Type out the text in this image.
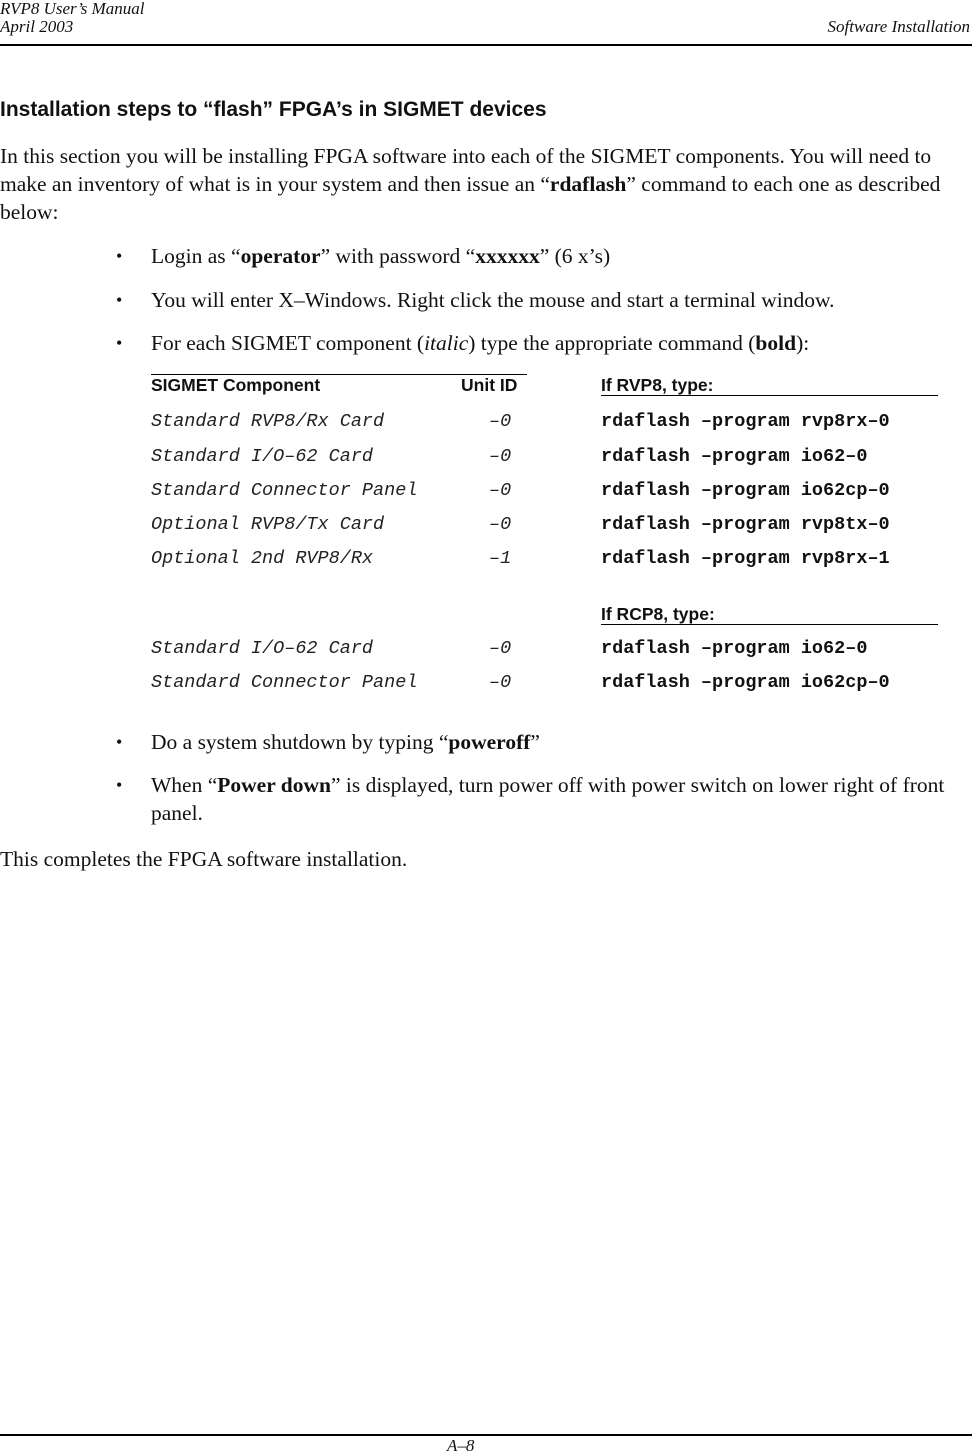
RVP8 User’s Manual
April 2003	Software Installation
Installation steps to “flash” FPGA’s in SIGMET devices
In this section you will be installing FPGA software into each of the SIGMET components. You will need to make an inventory of what is in your system and then issue an “rdaflash” command to each one as described below:
• Login as “operator” with password “xxxxxx” (6 x’s)
• You will enter X–Windows. Right click the mouse and start a terminal window.
• For each SIGMET component (italic) type the appropriate command (bold):
SIGMET Component	Unit ID	If RVP8, type:
Standard RVP8/Rx Card	–0	rdaflash –program rvp8rx–0
Standard I/O–62 Card	–0	rdaflash –program io62–0
Standard Connector Panel	–0	rdaflash –program io62cp–0
Optional RVP8/Tx Card	–0	rdaflash –program rvp8tx–0
Optional 2nd RVP8/Rx	–1	rdaflash –program rvp8rx–1
If RCP8, type:
Standard I/O–62 Card	–0	rdaflash –program io62–0
Standard Connector Panel	–0	rdaflash –program io62cp–0
• Do a system shutdown by typing “poweroff”
• When “Power down” is displayed, turn power off with power switch on lower right of front panel.
This completes the FPGA software installation.
A–8
